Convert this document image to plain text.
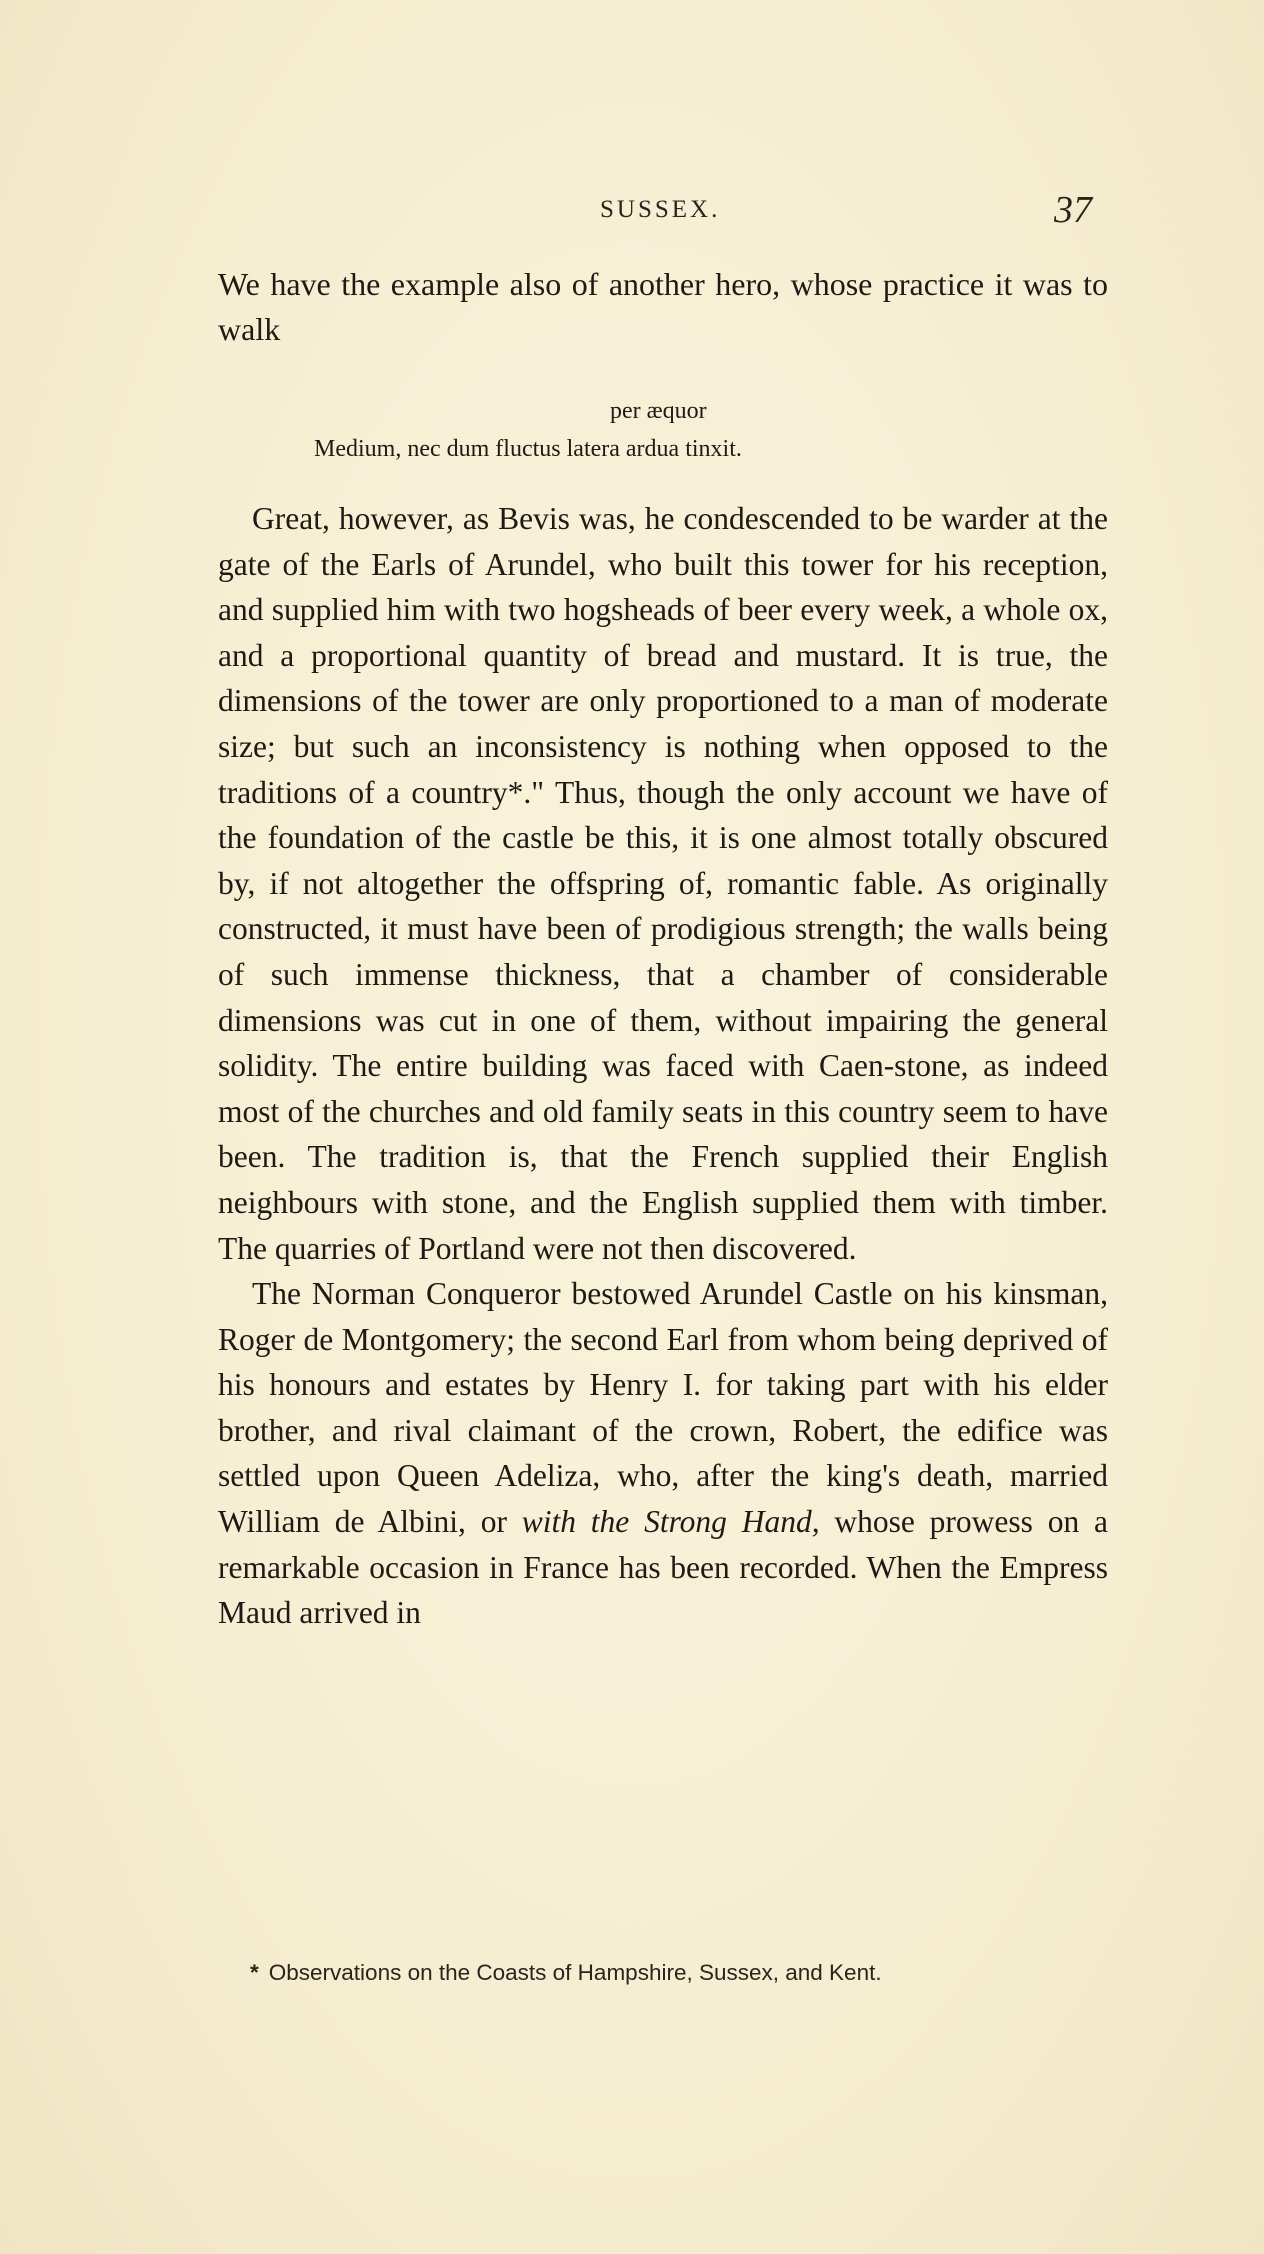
SUSSEX.	37

We have the example also of another hero, whose practice it was to walk

per æquor
Medium, nec dum fluctus latera ardua tinxit.

Great, however, as Bevis was, he condescended to be warder at the gate of the Earls of Arundel, who built this tower for his reception, and supplied him with two hogsheads of beer every week, a whole ox, and a proportional quantity of bread and mustard. It is true, the dimensions of the tower are only proportioned to a man of moderate size; but such an inconsistency is nothing when opposed to the traditions of a country*." Thus, though the only account we have of the foundation of the castle be this, it is one almost totally obscured by, if not altogether the offspring of, romantic fable. As originally constructed, it must have been of prodigious strength; the walls being of such immense thickness, that a chamber of considerable dimensions was cut in one of them, without impairing the general solidity. The entire building was faced with Caen-stone, as indeed most of the churches and old family seats in this country seem to have been. The tradition is, that the French supplied their English neighbours with stone, and the English supplied them with timber. The quarries of Portland were not then discovered.

The Norman Conqueror bestowed Arundel Castle on his kinsman, Roger de Montgomery; the second Earl from whom being deprived of his honours and estates by Henry I. for taking part with his elder brother, and rival claimant of the crown, Robert, the edifice was settled upon Queen Adeliza, who, after the king's death, married William de Albini, or with the Strong Hand, whose prowess on a remarkable occasion in France has been recorded. When the Empress Maud arrived in

* Observations on the Coasts of Hampshire, Sussex, and Kent.
